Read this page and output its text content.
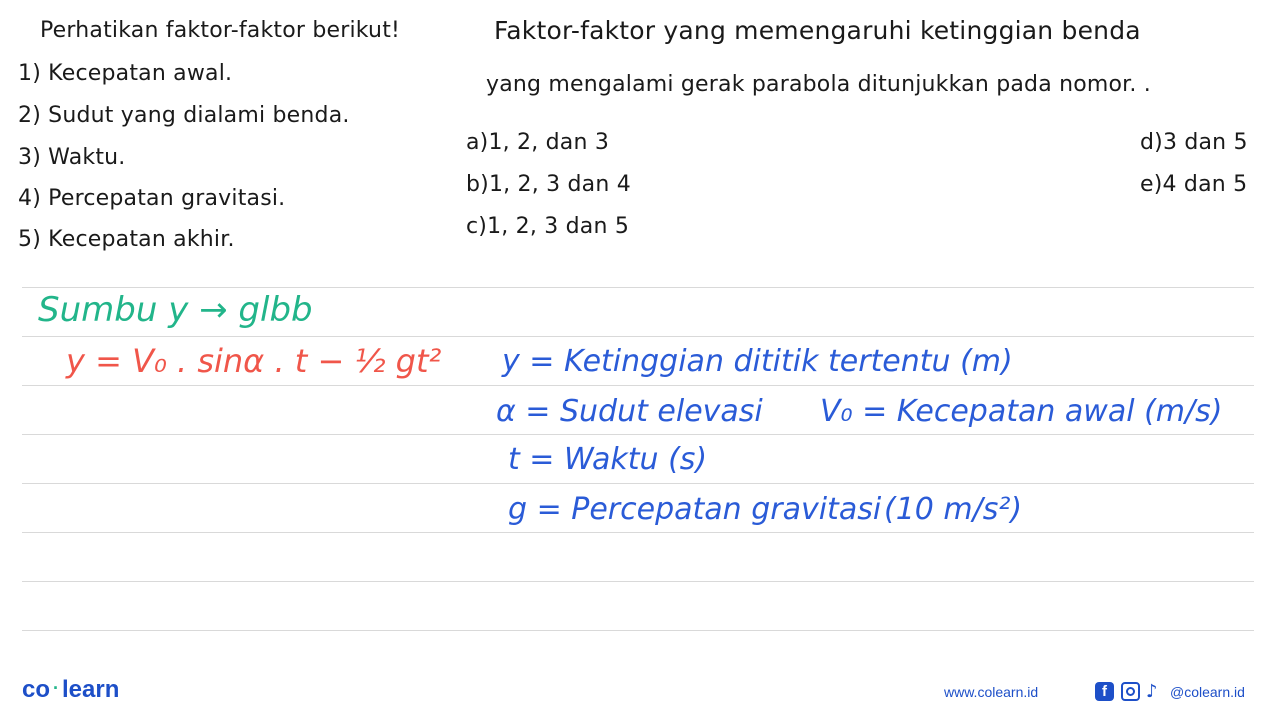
Perhatikan faktor-faktor berikut!
1) Kecepatan awal.
2) Sudut yang dialami benda.
3) Waktu.
4) Percepatan gravitasi.
5) Kecepatan akhir.
Faktor-faktor yang memengaruhi ketinggian benda
yang mengalami gerak parabola ditunjukkan pada nomor. .
a)1, 2, dan 3
b)1, 2, 3 dan 4
c)1, 2, 3 dan 5
d)3 dan 5
e)4 dan 5
Sumbu y → glbb
y = V₀ . sinα . t − ½ gt² y = Ketinggian dititik tertentu (m)
α = Sudut elevasi V₀ = Kecepatan awal (m/s)
t = Waktu (s)
g = Percepatan gravitasi (10 m/s²)
co · learn	www.colearn.id	f	♪ @colearn.id
